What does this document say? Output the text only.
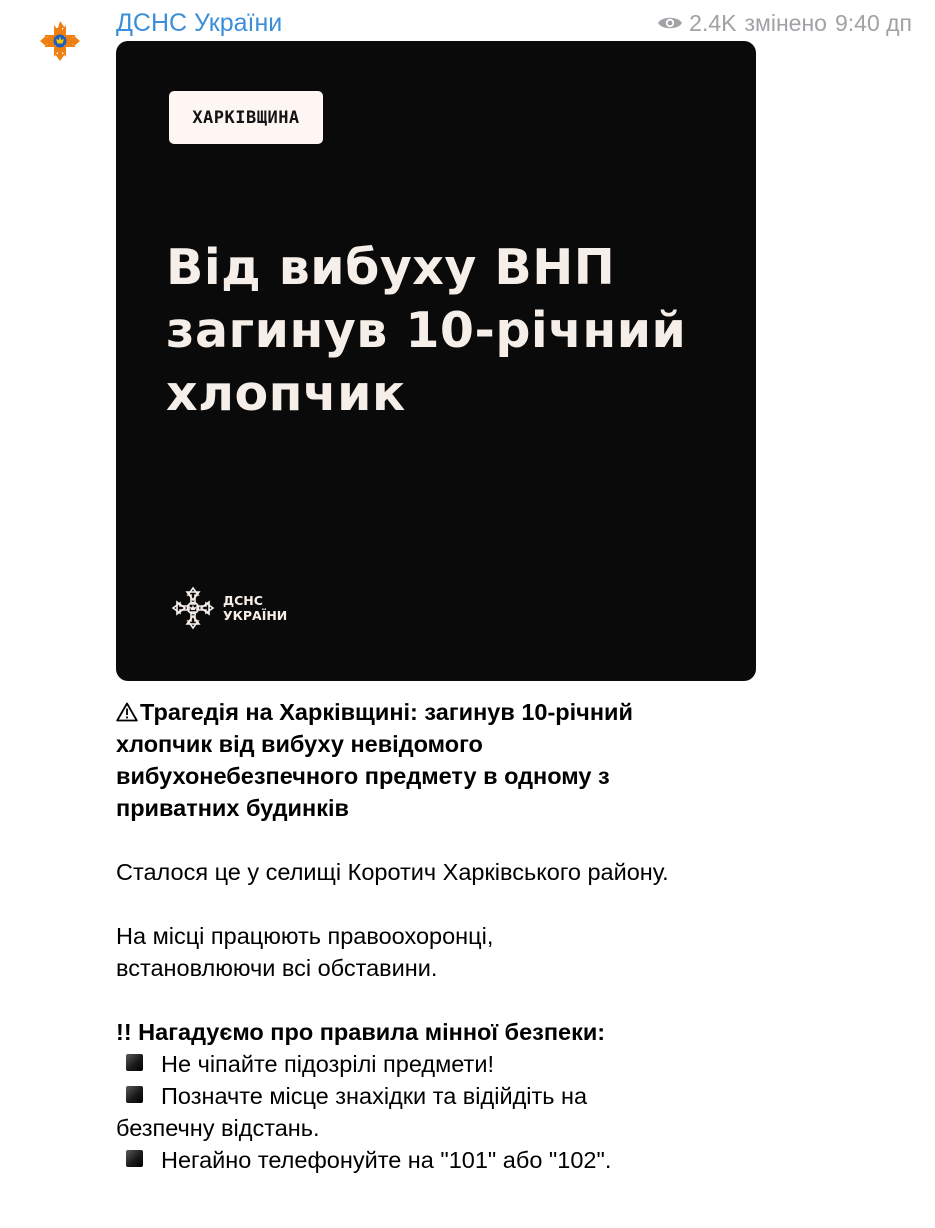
ДСНС України	2.4K змінено 9:40 дп
ХАРКІВЩИНА
Від вибуху ВНП
загинув 10-річний
хлопчик
ДСНС
УКРАЇНИ

Трагедія на Харківщині: загинув 10-річний хлопчик від вибуху невідомого вибухонебезпечного предмету в одному з приватних будинків

Сталося це у селищі Коротич Харківського району.

На місці працюють правоохоронці, встановлюючи всі обставини.

!! Нагадуємо про правила мінної безпеки:

Не чіпайте підозрілі предмети!

Позначте місце знахідки та відійдіть на безпечну відстань.

Негайно телефонуйте на "101" або "102".
